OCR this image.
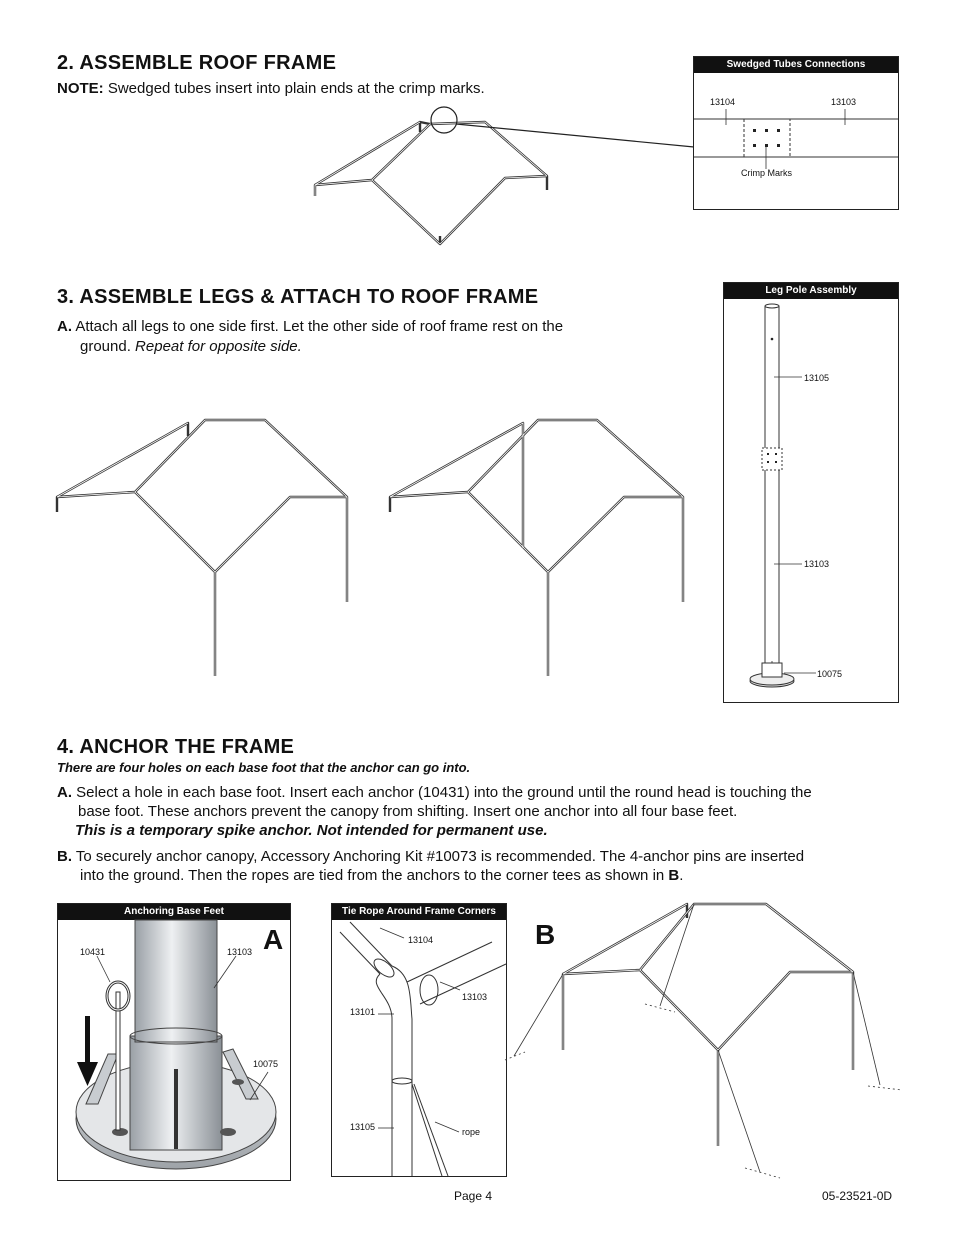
2. ASSEMBLE ROOF FRAME
NOTE: Swedged tubes insert into plain ends at the crimp marks.
Swedged Tubes Connections
13104	13103
Crimp Marks
3. ASSEMBLE LEGS & ATTACH TO ROOF FRAME
A. Attach all legs to one side first. Let the other side of roof frame rest on the
ground. Repeat for opposite side.
Leg Pole Assembly
13105
13103
10075
4. ANCHOR THE FRAME
There are four holes on each base foot that the anchor can go into.
A. Select a hole in each base foot. Insert each anchor (10431) into the ground until the round head is touching the
base foot. These anchors prevent the canopy from shifting. Insert one anchor into all four base feet.
This is a temporary spike anchor. Not intended for permanent use.
B. To securely anchor canopy, Accessory Anchoring Kit #10073 is recommended. The 4-anchor pins are inserted
into the ground. Then the ropes are tied from the anchors to the corner tees as shown in B.
Anchoring Base Feet
10431	13103
10075
A
Tie Rope Around Frame Corners
13104
13103
13101
13105	rope
B
Page 4	05-23521-0D
